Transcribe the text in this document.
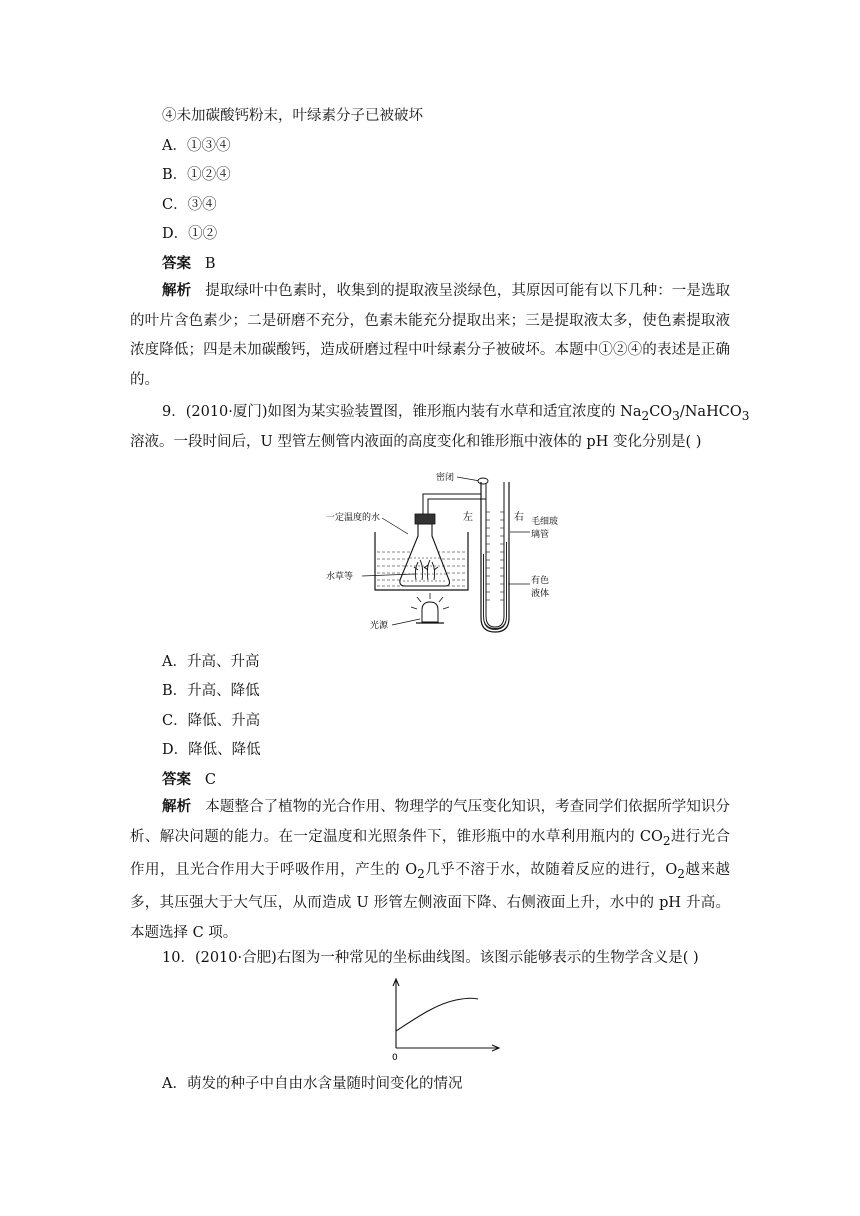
④未加碳酸钙粉末，叶绿素分子已被破坏
A．①③④
B．①②④
C．③④
D．①②
答案 B
解析 提取绿叶中色素时，收集到的提取液呈淡绿色，其原因可能有以下几种：一是选取的叶片含色素少；二是研磨不充分，色素未能充分提取出来；三是提取液太多，使色素提取液浓度降低；四是未加碳酸钙，造成研磨过程中叶绿素分子被破坏。本题中①②④的表述是正确的。
9．(2010·厦门)如图为某实验装置图，锥形瓶内装有水草和适宜浓度的 $Na_2CO_3/NaHCO_3$
溶液。一段时间后，U 型管左侧管内液面的高度变化和锥形瓶中液体的 pH 变化分别是( )
密闭
左	右 毛细玻
璃管
有色
液体
一定温度的水
水草等
光源
A．升高、升高
B．升高、降低
C．降低、升高
D．降低、降低
答案 C
解析 本题整合了植物的光合作用、物理学的气压变化知识，考查同学们依据所学知识分析、解决问题的能力。在一定温度和光照条件下，锥形瓶中的水草利用瓶内的 $CO_2$进行光合作用，且光合作用大于呼吸作用，产生的 $O_2$几乎不溶于水，故随着反应的进行，$O_2$越来越多，其压强大于大气压，从而造成 U 形管左侧液面下降、右侧液面上升，水中的 pH 升高。本题选择 C 项。
10．(2010·合肥)右图为一种常见的坐标曲线图。该图示能够表示的生物学含义是( )
0
A．萌发的种子中自由水含量随时间变化的情况
